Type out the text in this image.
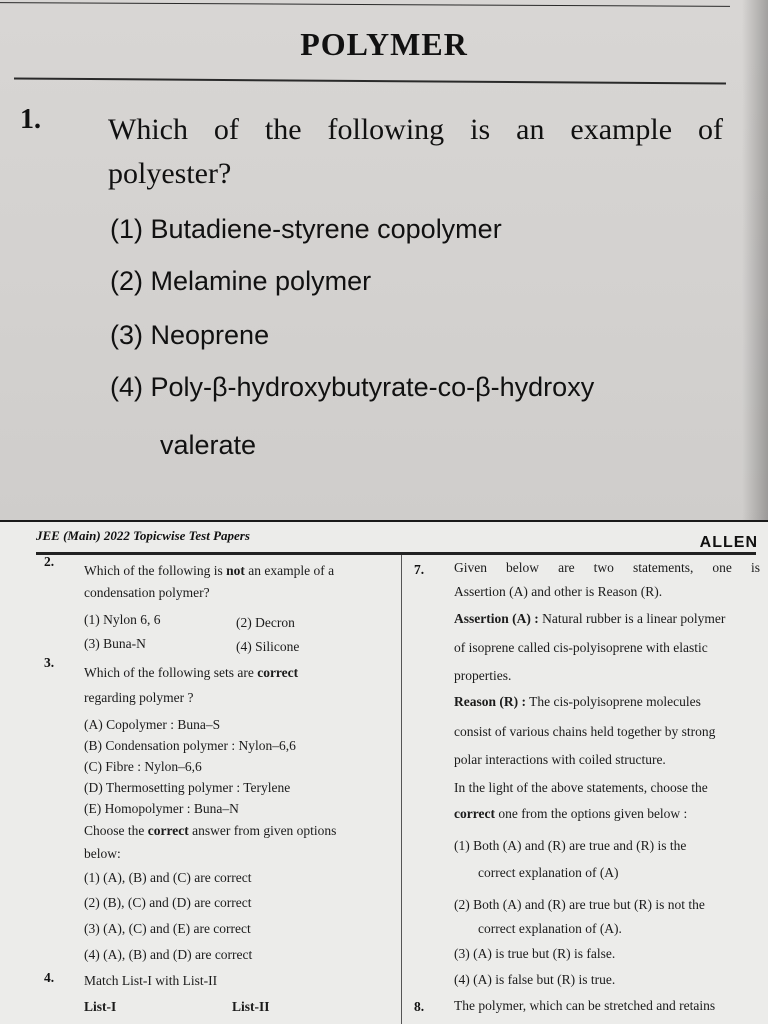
POLYMER
1. Which of the following is an example of polyester?
(1) Butadiene-styrene copolymer
(2) Melamine polymer
(3) Neoprene
(4) Poly-β-hydroxybutyrate-co-β-hydroxy
valerate
JEE (Main) 2022 Topicwise Test Papers	ALLEN
2.
Which of the following is not an example of a
condensation polymer?
(1) Nylon 6, 6	(2) Decron
(3) Buna-N	(4) Silicone
3.
Which of the following sets are correct
regarding polymer ?
(A) Copolymer : Buna–S
(B) Condensation polymer : Nylon–6,6
(C) Fibre : Nylon–6,6
(D) Thermosetting polymer : Terylene
(E) Homopolymer : Buna–N
Choose the correct answer from given options
below:
(1) (A), (B) and (C) are correct
(2) (B), (C) and (D) are correct
(3) (A), (C) and (E) are correct
(4) (A), (B) and (D) are correct
4. Match List-I with List-II
List-I	List-II
7. Given below are two statements, one is
Assertion (A) and other is Reason (R).
Assertion (A) : Natural rubber is a linear polymer
of isoprene called cis-polyisoprene with elastic
properties.
Reason (R) : The cis-polyisoprene molecules
consist of various chains held together by strong
polar interactions with coiled structure.
In the light of the above statements, choose the
correct one from the options given below :
(1) Both (A) and (R) are true and (R) is the
correct explanation of (A)
(2) Both (A) and (R) are true but (R) is not the
correct explanation of (A).
(3) (A) is true but (R) is false.
(4) (A) is false but (R) is true.
8. The polymer, which can be stretched and retains
